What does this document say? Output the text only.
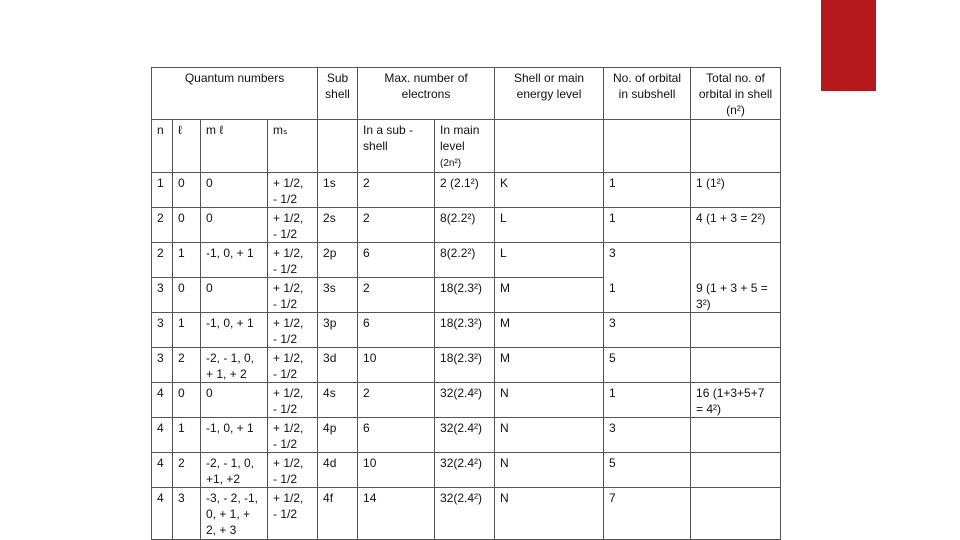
Quantum numbers				Sub shell	Max. number of electrons		Shell or main energy level	No. of orbital in subshell	Total no. of orbital in shell (n²)
n	ℓ	m ℓ	mₛ		In a sub - shell	In main level
(2n²)			
1	0	0	+ 1/2,
- 1/2	1s	2	2 (2.1²)	K	1	1 (1²)
2	0	0	+ 1/2,
- 1/2	2s	2	8(2.2²)	L	1	4 (1 + 3 = 2²)
2	1	-1, 0, + 1	+ 1/2,
- 1/2	2p	6	8(2.2²)	L	3	
3	0	0	+ 1/2,
- 1/2	3s	2	18(2.3²)	M	1	9 (1 + 3 + 5 =
3²)
3	1	-1, 0, + 1	+ 1/2,
- 1/2	3p	6	18(2.3²)	M	3	
3	2	-2, - 1, 0,
+ 1, + 2	+ 1/2,
- 1/2	3d	10	18(2.3²)	M	5	
4	0	0	+ 1/2,
- 1/2	4s	2	32(2.4²)	N	1	16 (1+3+5+7
= 4²)
4	1	-1, 0, + 1	+ 1/2,
- 1/2	4p	6	32(2.4²)	N	3	
4	2	-2, - 1, 0,
+1, +2	+ 1/2,
- 1/2	4d	10	32(2.4²)	N	5	
4	3	-3, - 2, -1,
0, + 1, +
2, + 3	+ 1/2,
- 1/2	4f	14	32(2.4²)	N	7	
